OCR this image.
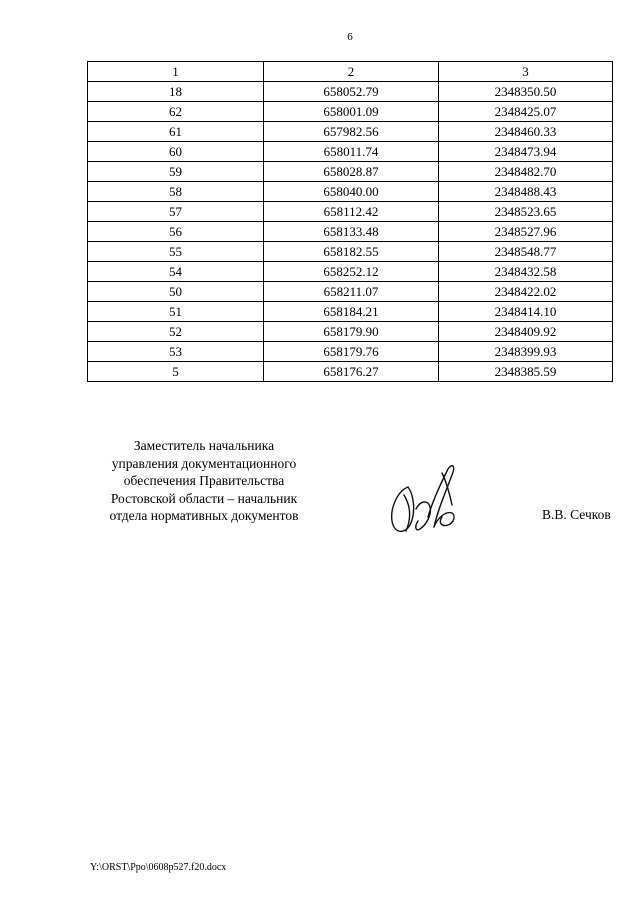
6
1	2	3
18	658052.79	2348350.50
62	658001.09	2348425.07
61	657982.56	2348460.33
60	658011.74	2348473.94
59	658028.87	2348482.70
58	658040.00	2348488.43
57	658112.42	2348523.65
56	658133.48	2348527.96
55	658182.55	2348548.77
54	658252.12	2348432.58
50	658211.07	2348422.02
51	658184.21	2348414.10
52	658179.90	2348409.92
53	658179.76	2348399.93
5	658176.27	2348385.59
Заместитель начальника
управления документационного
обеспечения Правительства
Ростовской области – начальник
отдела нормативных документов	В.В. Сечков
Y:\ORST\Ppo\0608p527.f20.docx
